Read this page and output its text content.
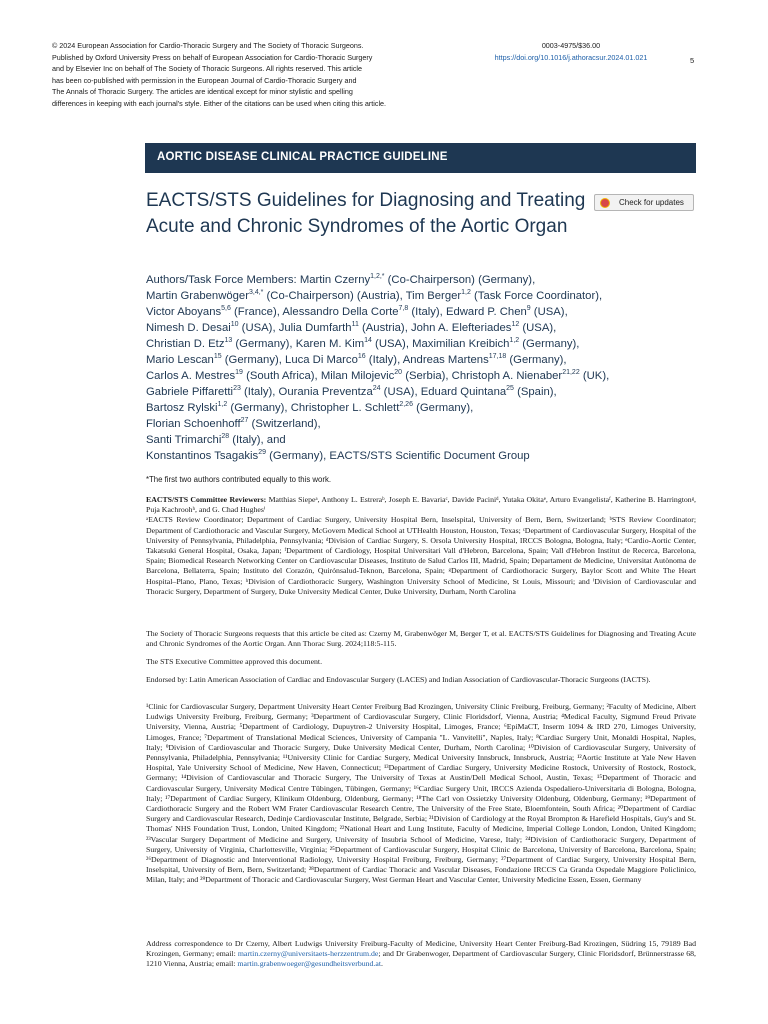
© 2024 European Association for Cardio-Thoracic Surgery and The Society of Thoracic Surgeons.

Published by Oxford University Press on behalf of European Association for Cardio-Thoracic Surgery

and by Elsevier Inc on behalf of The Society of Thoracic Surgeons. All rights reserved. This article

has been co-published with permission in the European Journal of Cardio-Thoracic Surgery and

The Annals of Thoracic Surgery. The articles are identical except for minor stylistic and spelling

differences in keeping with each journal's style. Either of the citations can be used when citing this article.

0003-4975/$36.00
https://doi.org/10.1016/j.athoracsur.2024.01.021	5
AORTIC DISEASE CLINICAL PRACTICE GUIDELINE
EACTS/STS Guidelines for Diagnosing and Treating Acute and Chronic Syndromes of the Aortic Organ
Check for updates

Authors/Task Force Members: Martin Czerny$^{1,2,*}$ (Co-Chairperson) (Germany),
Martin Grabenwöger$^{3,4,*}$ (Co-Chairperson) (Austria), Tim Berger$^{1,2}$ (Task Force Coordinator),
Victor Aboyans$^{5,6}$ (France), Alessandro Della Corte$^{7,8}$ (Italy), Edward P. Chen$^9$ (USA),
Nimesh D. Desai$^{10}$ (USA), Julia Dumfarth$^{11}$ (Austria), John A. Elefteriades$^{12}$ (USA),
Christian D. Etz$^{13}$ (Germany), Karen M. Kim$^{14}$ (USA), Maximilian Kreibich$^{1,2}$ (Germany),
Mario Lescan$^{15}$ (Germany), Luca Di Marco$^{16}$ (Italy), Andreas Martens$^{17,18}$ (Germany),
Carlos A. Mestres$^{19}$ (South Africa), Milan Milojevic$^{20}$ (Serbia), Christoph A. Nienaber$^{21,22}$ (UK),
Gabriele Piffaretti$^{23}$ (Italy), Ourania Preventza$^{24}$ (USA), Eduard Quintana$^{25}$ (Spain),
Bartosz Rylski$^{1,2}$ (Germany), Christopher L. Schlett$^{2,26}$ (Germany),
Florian Schoenhoff$^{27}$ (Switzerland),
Santi Trimarchi$^{28}$ (Italy), and
Konstantinos Tsagakis$^{29}$ (Germany), EACTS/STS Scientific Document Group

*The first two authors contributed equally to this work.

EACTS/STS Committee Reviewers: Matthias Siepeᵃ, Anthony L. Estreraᵇ, Joseph E. Bavariaᶜ, Davide Paciniᵈ, Yutaka Okitaᵉ, Arturo Evangelistaᶠ, Katherine B. Harringtonᵍ, Puja Kachroohʰ, and G. Chad Hughesⁱ
ᵃEACTS Review Coordinator; Department of Cardiac Surgery, University Hospital Bern, Inselspital, University of Bern, Bern, Switzerland; ᵇSTS Review Coordinator; Department of Cardiothoracic and Vascular Surgery, McGovern Medical School at UTHealth Houston, Houston, Texas; ᶜDepartment of Cardiovascular Surgery, Hospital of the University of Pennsylvania, Philadelphia, Pennsylvania; ᵈDivision of Cardiac Surgery, S. Orsola University Hospital, IRCCS Bologna, Bologna, Italy; ᵉCardio-Aortic Center, Takatsuki General Hospital, Osaka, Japan; ᶠDepartment of Cardiology, Hospital Universitari Vall d'Hebron, Barcelona, Spain; Vall d'Hebron Institut de Recerca, Barcelona, Spain; Biomedical Research Networking Center on Cardiovascular Diseases, Instituto de Salud Carlos III, Madrid, Spain; Departament de Medicine, Universitat Autònoma de Barcelona, Bellaterra, Spain; Instituto del Corazón, Quirónsalud-Teknon, Barcelona, Spain; ᵍDepartment of Cardiothoracic Surgery, Baylor Scott and White The Heart Hospital–Plano, Plano, Texas; ʰDivision of Cardiothoracic Surgery, Washington University School of Medicine, St Louis, Missouri; and ⁱDivision of Cardiovascular and Thoracic Surgery, Department of Surgery, Duke University Medical Center, Duke University, Durham, North Carolina

The Society of Thoracic Surgeons requests that this article be cited as: Czerny M, Grabenwöger M, Berger T, et al. EACTS/STS Guidelines for Diagnosing and Treating Acute and Chronic Syndromes of the Aortic Organ. Ann Thorac Surg. 2024;118:5-115.

The STS Executive Committee approved this document.

Endorsed by: Latin American Association of Cardiac and Endovascular Surgery (LACES) and Indian Association of Cardiovascular-Thoracic Surgeons (IACTS).

¹Clinic for Cardiovascular Surgery, Department University Heart Center Freiburg Bad Krozingen, University Clinic Freiburg, Freiburg, Germany; ²Faculty of Medicine, Albert Ludwigs University Freiburg, Freiburg, Germany; ³Department of Cardiovascular Surgery, Clinic Floridsdorf, Vienna, Austria; ⁴Medical Faculty, Sigmund Freud Private University, Vienna, Austria; ⁵Department of Cardiology, Dupuytren-2 University Hospital, Limoges, France; ⁶EpiMaCT, Inserm 1094 & IRD 270, Limoges University, Limoges, France; ⁷Department of Translational Medical Sciences, University of Campania "L. Vanvitelli", Naples, Italy; ⁸Cardiac Surgery Unit, Monaldi Hospital, Naples, Italy; ⁹Division of Cardiovascular and Thoracic Surgery, Duke University Medical Center, Durham, North Carolina; ¹⁰Division of Cardiovascular Surgery, University of Pennsylvania, Philadelphia, Pennsylvania; ¹¹University Clinic for Cardiac Surgery, Medical University Innsbruck, Innsbruck, Austria; ¹²Aortic Institute at Yale New Haven Hospital, Yale University School of Medicine, New Haven, Connecticut; ¹³Department of Cardiac Surgery, University Medicine Rostock, University of Rostock, Rostock, Germany; ¹⁴Division of Cardiovascular and Thoracic Surgery, The University of Texas at Austin/Dell Medical School, Austin, Texas; ¹⁵Department of Thoracic and Cardiovascular Surgery, University Medical Centre Tübingen, Tübingen, Germany; ¹⁶Cardiac Surgery Unit, IRCCS Azienda Ospedaliero-Universitaria di Bologna, Bologna, Italy; ¹⁷Department of Cardiac Surgery, Klinikum Oldenburg, Oldenburg, Germany; ¹⁸The Carl von Ossietzky University Oldenburg, Oldenburg, Germany; ¹⁹Department of Cardiothoracic Surgery and the Robert WM Frater Cardiovascular Research Centre, The University of the Free State, Bloemfontein, South Africa; ²⁰Department of Cardiac Surgery and Cardiovascular Research, Dedinje Cardiovascular Institute, Belgrade, Serbia; ²¹Division of Cardiology at the Royal Brompton & Harefield Hospitals, Guy's and St. Thomas' NHS Foundation Trust, London, United Kingdom; ²²National Heart and Lung Institute, Faculty of Medicine, Imperial College London, London, United Kingdom; ²³Vascular Surgery Department of Medicine and Surgery, University of Insubria School of Medicine, Varese, Italy; ²⁴Division of Cardiothoracic Surgery, Department of Surgery, University of Virginia, Charlottesville, Virginia; ²⁵Department of Cardiovascular Surgery, Hospital Clinic de Barcelona, University of Barcelona, Barcelona, Spain; ²⁶Department of Diagnostic and Interventional Radiology, University Hospital Freiburg, Freiburg, Germany; ²⁷Department of Cardiac Surgery, University Hospital Bern, Inselspital, University of Bern, Bern, Switzerland; ²⁸Department of Cardiac Thoracic and Vascular Diseases, Fondazione IRCCS Ca Granda Ospedale Maggiore Policlinico, Milan, Italy; and ²⁹Department of Thoracic and Cardiovascular Surgery, West German Heart and Vascular Center, University Medicine Essen, Essen, Germany

Address correspondence to Dr Czerny, Albert Ludwigs University Freiburg-Faculty of Medicine, University Heart Center Freiburg-Bad Krozingen, Südring 15, 79189 Bad Krozingen, Germany; email: martin.czerny@universitaets-herzzentrum.de; and Dr Grabenwoger, Department of Cardiovascular Surgery, Clinic Floridsdorf, Brünnerstrasse 68, 1210 Vienna, Austria; email: martin.grabenwoeger@gesundheitsverbund.at.
